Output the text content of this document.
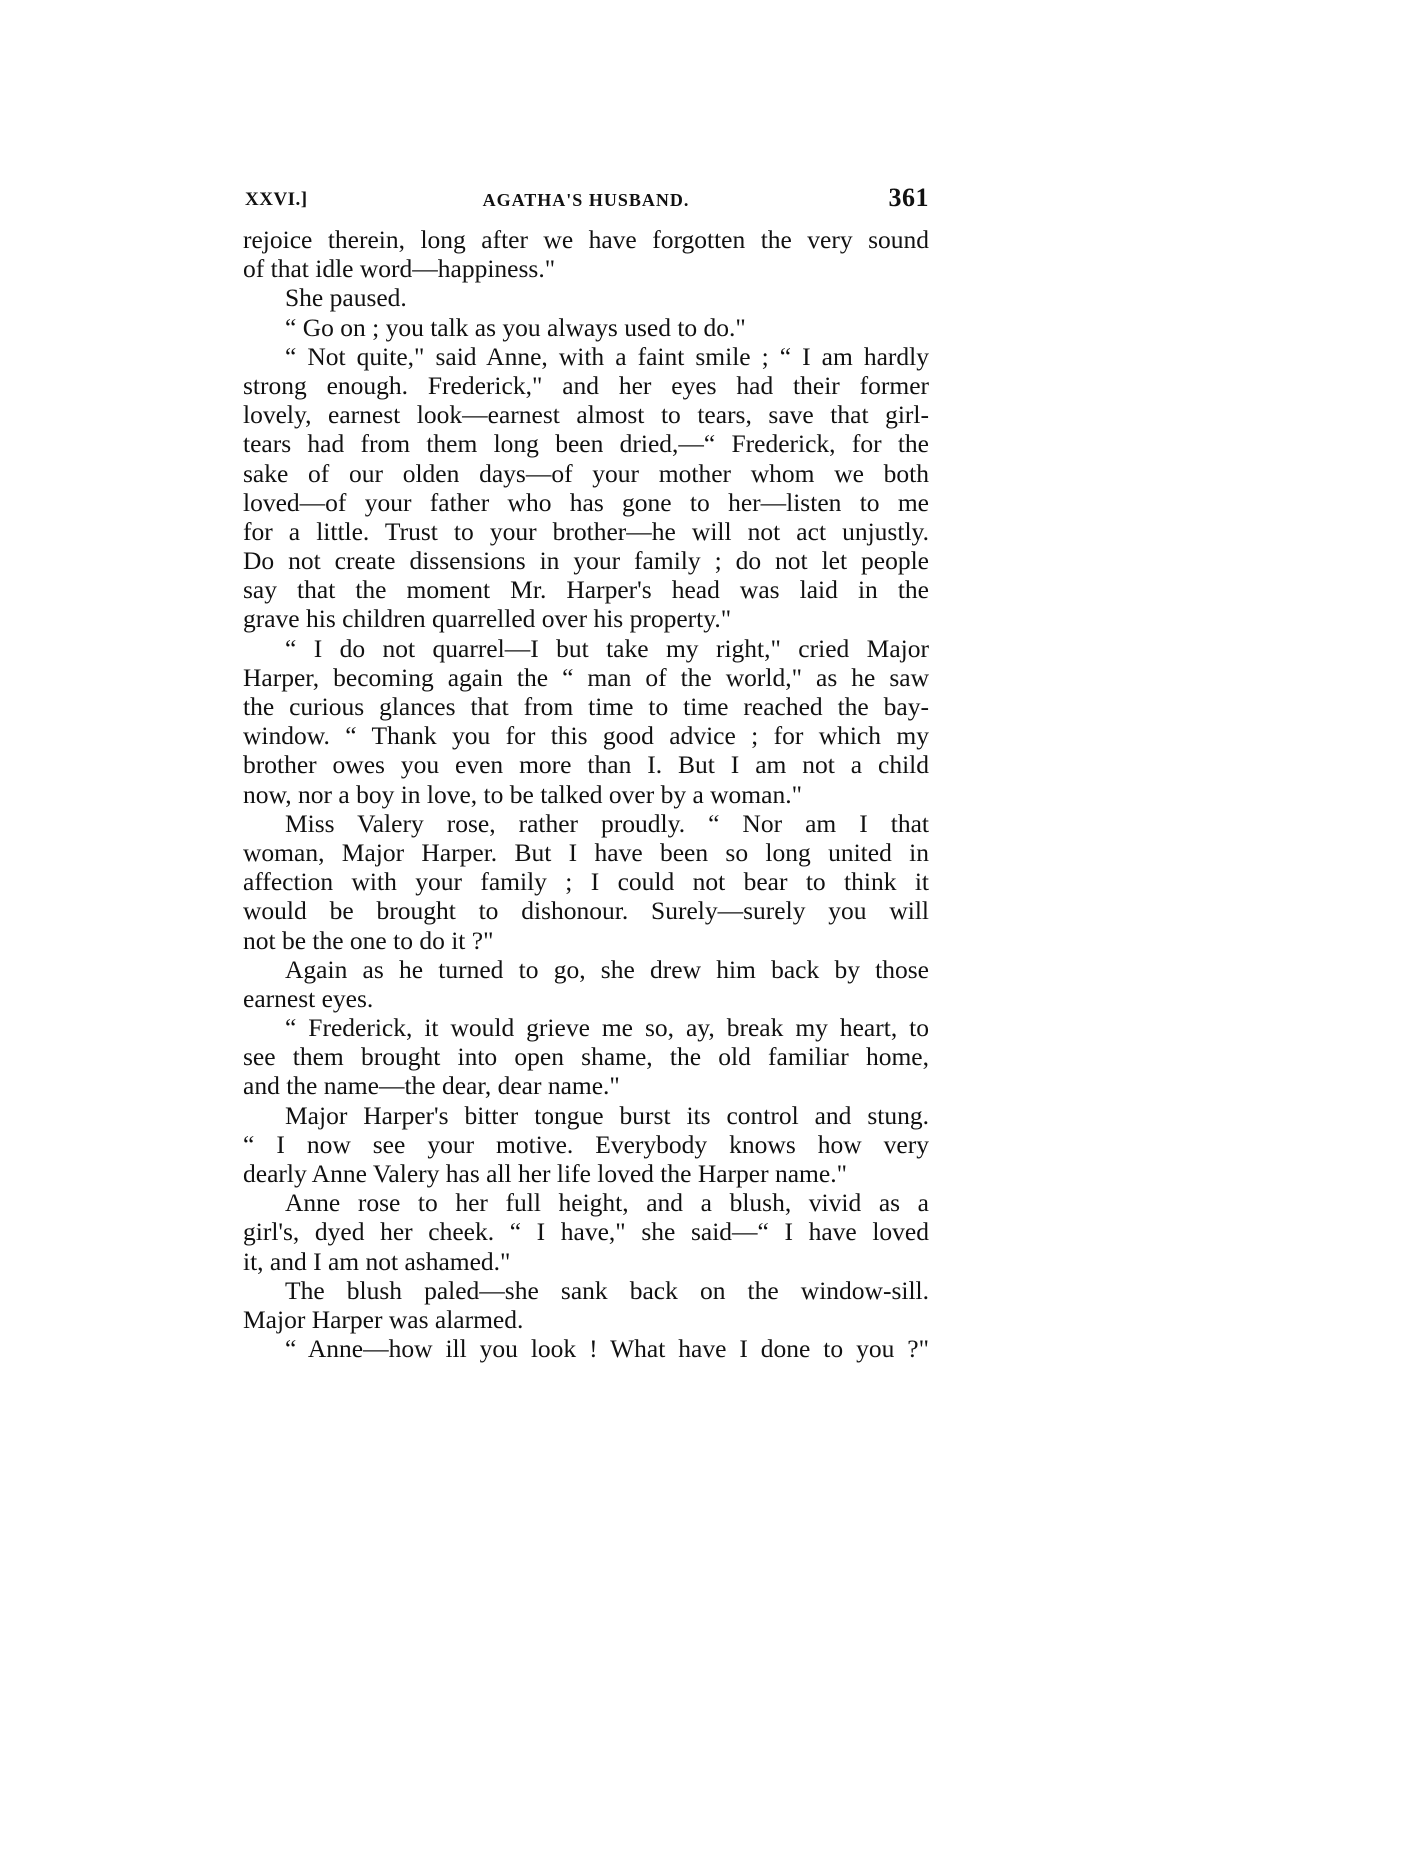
XXVI.]	AGATHA'S HUSBAND.	361
rejoice therein, long after we have forgotten the very sound
of that idle word—happiness."
She paused.
“ Go on ; you talk as you always used to do."
“ Not quite," said Anne, with a faint smile ; “ I am hardly
strong enough. Frederick," and her eyes had their former
lovely, earnest look—earnest almost to tears, save that girl-
tears had from them long been dried,—“ Frederick, for the
sake of our olden days—of your mother whom we both
loved—of your father who has gone to her—listen to me
for a little. Trust to your brother—he will not act unjustly.
Do not create dissensions in your family ; do not let people
say that the moment Mr. Harper's head was laid in the
grave his children quarrelled over his property."
“ I do not quarrel—I but take my right," cried Major
Harper, becoming again the “ man of the world," as he saw
the curious glances that from time to time reached the bay-
window. “ Thank you for this good advice ; for which my
brother owes you even more than I. But I am not a child
now, nor a boy in love, to be talked over by a woman."
Miss Valery rose, rather proudly. “ Nor am I that
woman, Major Harper. But I have been so long united in
affection with your family ; I could not bear to think it
would be brought to dishonour. Surely—surely you will
not be the one to do it ?"
Again as he turned to go, she drew him back by those
earnest eyes.
“ Frederick, it would grieve me so, ay, break my heart, to
see them brought into open shame, the old familiar home,
and the name—the dear, dear name."
Major Harper's bitter tongue burst its control and stung.
“ I now see your motive. Everybody knows how very
dearly Anne Valery has all her life loved the Harper name."
Anne rose to her full height, and a blush, vivid as a
girl's, dyed her cheek. “ I have," she said—“ I have loved
it, and I am not ashamed."
The blush paled—she sank back on the window-sill.
Major Harper was alarmed.
“ Anne—how ill you look ! What have I done to you ?"
